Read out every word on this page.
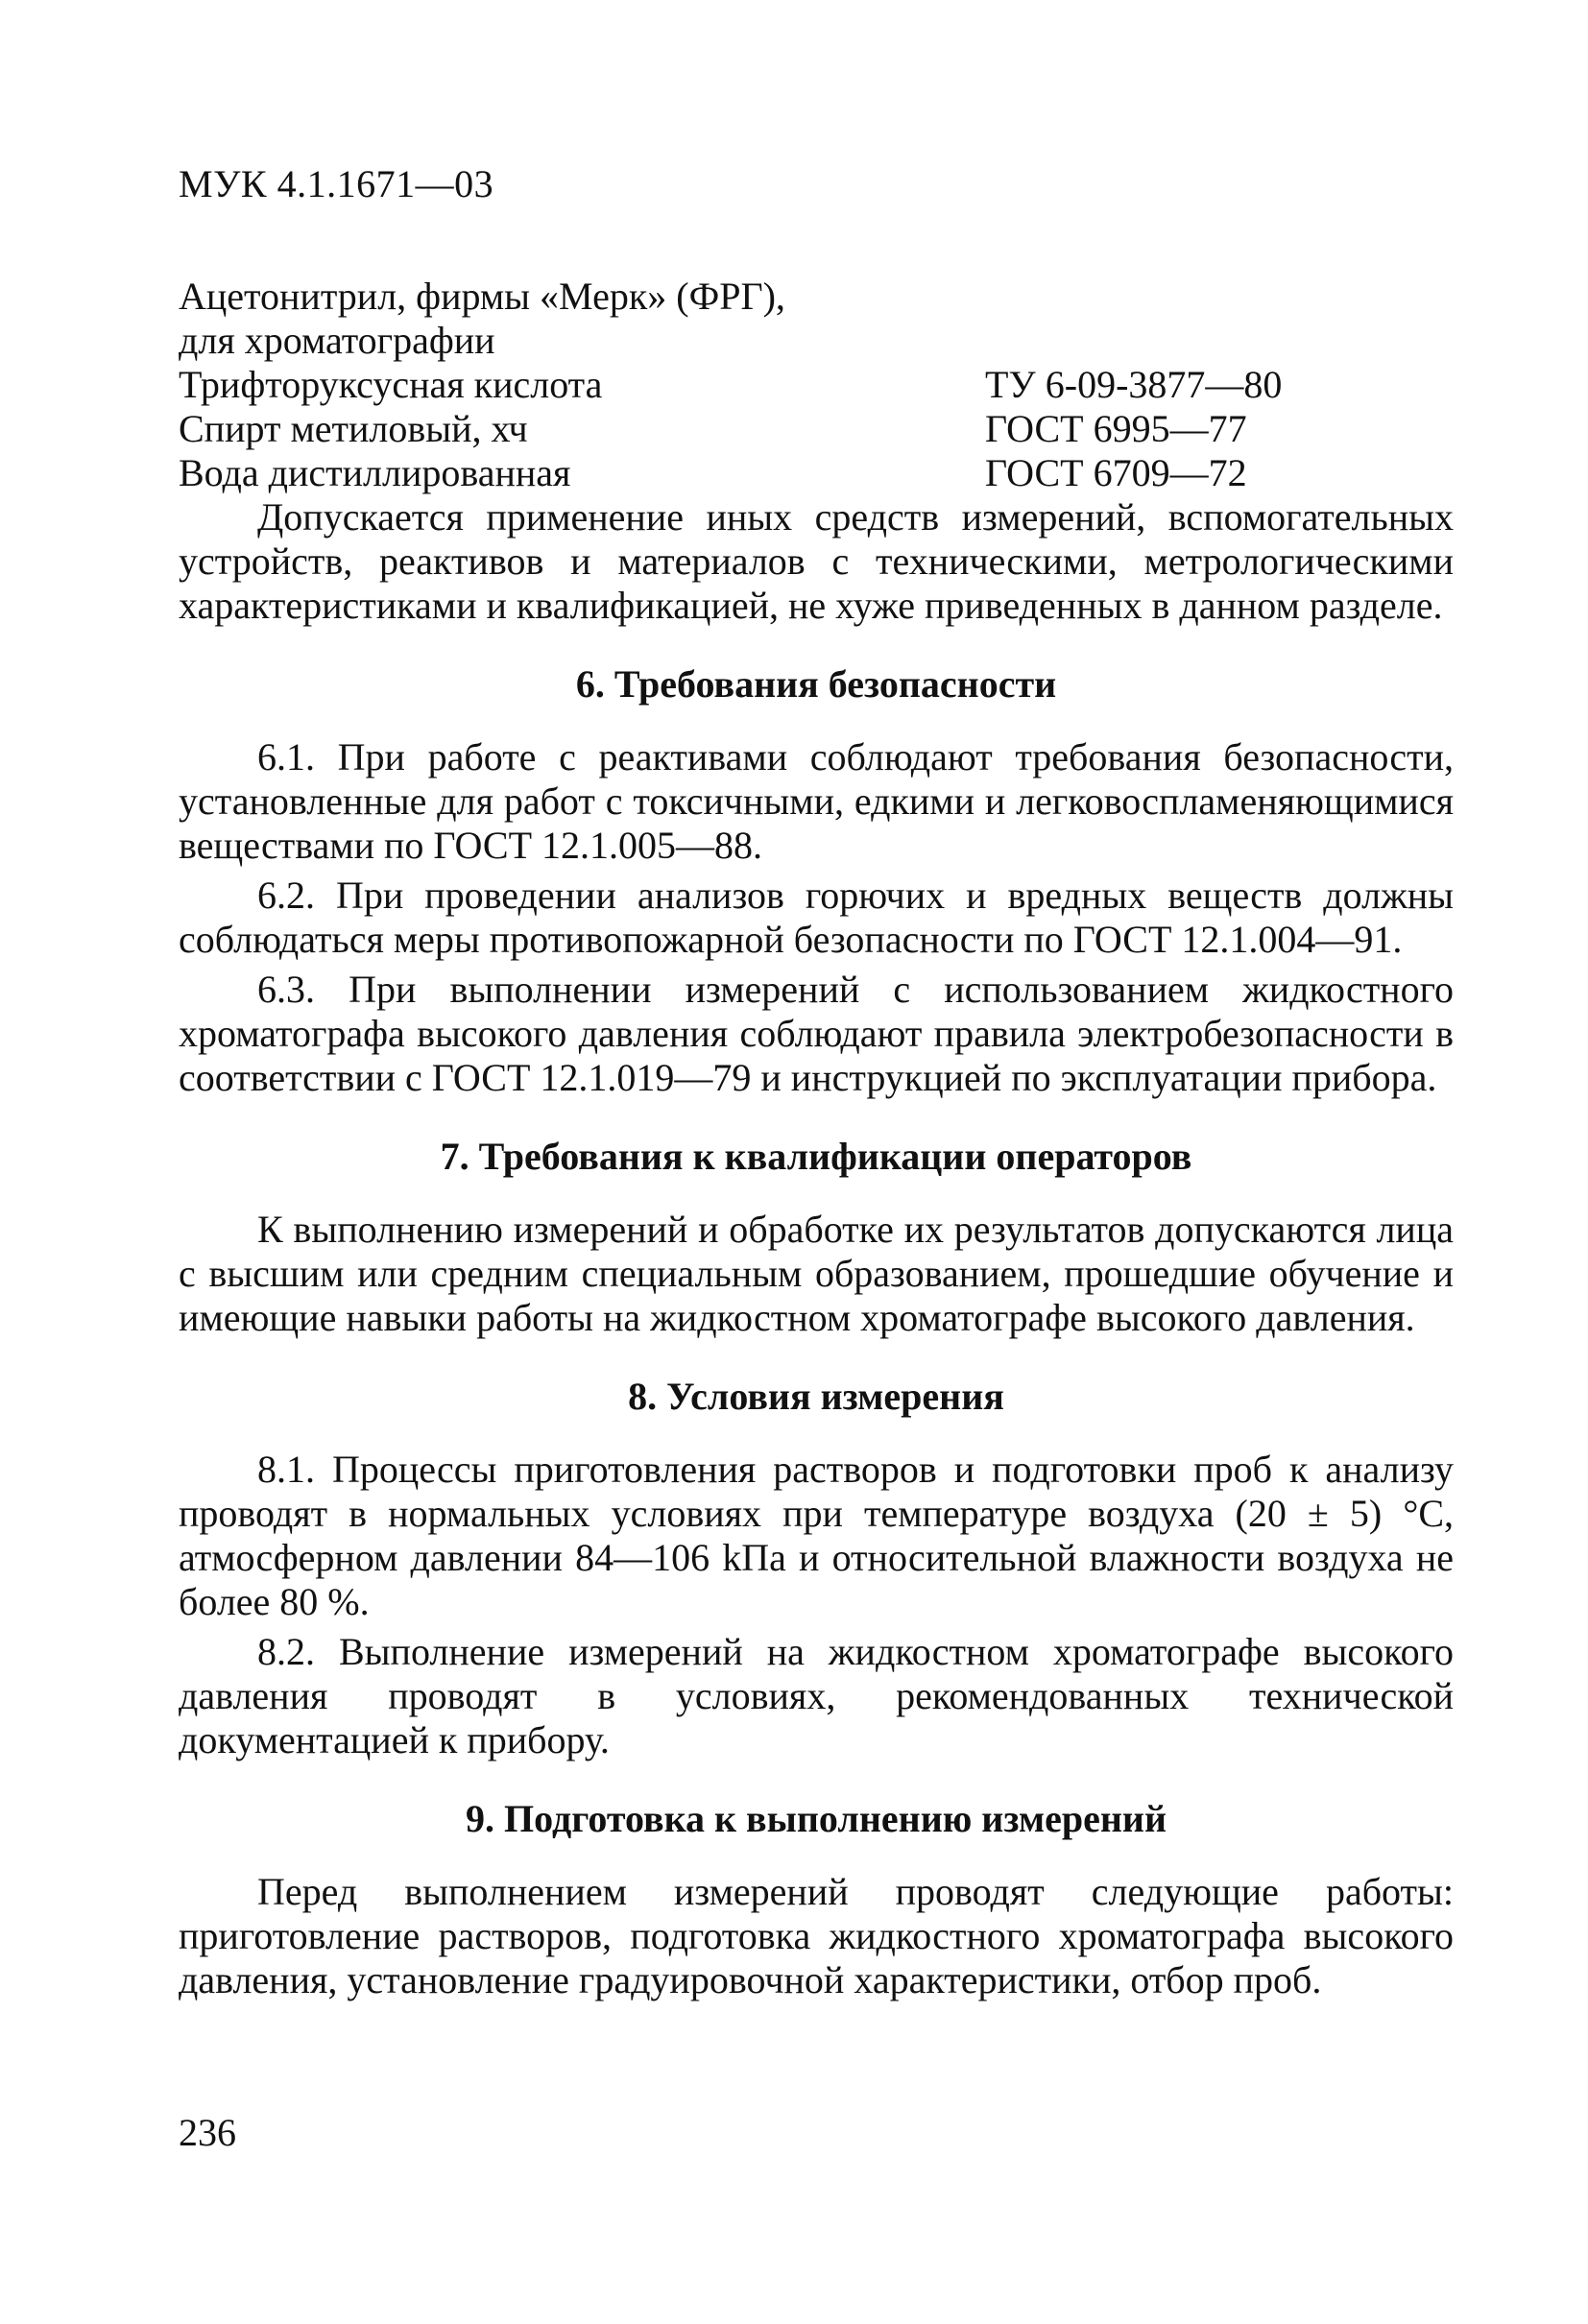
МУК 4.1.1671—03
Ацетонитрил, фирмы «Мерк» (ФРГ),
для хроматографии
Трифторуксусная кислота	ТУ 6-09-3877—80
Спирт метиловый, хч	ГОСТ 6995—77
Вода дистиллированная	ГОСТ 6709—72

Допускается применение иных средств измерений, вспомогательных устройств, реактивов и материалов с техническими, метрологическими характеристиками и квалификацией, не хуже приведенных в данном разделе.

6. Требования безопасности

6.1. При работе с реактивами соблюдают требования безопасности, установленные для работ с токсичными, едкими и легковоспламеняющимися веществами по ГОСТ 12.1.005—88.

6.2. При проведении анализов горючих и вредных веществ должны соблюдаться меры противопожарной безопасности по ГОСТ 12.1.004—91.

6.3. При выполнении измерений с использованием жидкостного хроматографа высокого давления соблюдают правила электробезопасности в соответствии с ГОСТ 12.1.019—79 и инструкцией по эксплуатации прибора.

7. Требования к квалификации операторов

К выполнению измерений и обработке их результатов допускаются лица с высшим или средним специальным образованием, прошедшие обучение и имеющие навыки работы на жидкостном хроматографе высокого давления.

8. Условия измерения

8.1. Процессы приготовления растворов и подготовки проб к анализу проводят в нормальных условиях при температуре воздуха (20 ± 5) °С, атмосферном давлении 84—106 kПа и относительной влажности воздуха не более 80 %.

8.2. Выполнение измерений на жидкостном хроматографе высокого давления проводят в условиях, рекомендованных технической документацией к прибору.

9. Подготовка к выполнению измерений

Перед выполнением измерений проводят следующие работы: приготовление растворов, подготовка жидкостного хроматографа высокого давления, установление градуировочной характеристики, отбор проб.

236
